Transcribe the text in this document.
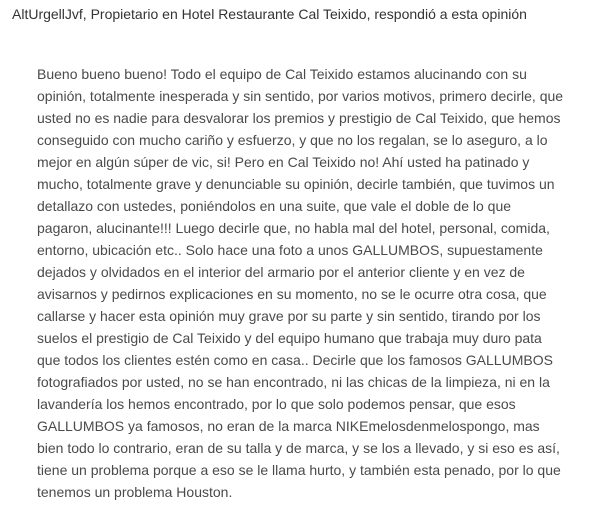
AltUrgellJvf, Propietario en Hotel Restaurante Cal Teixido, respondió a esta opinión

Bueno bueno bueno! Todo el equipo de Cal Teixido estamos alucinando con su opinión, totalmente inesperada y sin sentido, por varios motivos, primero decirle, que usted no es nadie para desvalorar los premios y prestigio de Cal Teixido, que hemos conseguido con mucho cariño y esfuerzo, y que no los regalan, se lo aseguro, a lo mejor en algún súper de vic, si! Pero en Cal Teixido no! Ahí usted ha patinado y mucho, totalmente grave y denunciable su opinión, decirle también, que tuvimos un detallazo con ustedes, poniéndolos en una suite, que vale el doble de lo que pagaron, alucinante!!! Luego decirle que, no habla mal del hotel, personal, comida, entorno, ubicación etc.. Solo hace una foto a unos GALLUMBOS, supuestamente dejados y olvidados en el interior del armario por el anterior cliente y en vez de avisarnos y pedirnos explicaciones en su momento, no se le ocurre otra cosa, que callarse y hacer esta opinión muy grave por su parte y sin sentido, tirando por los suelos el prestigio de Cal Teixido y del equipo humano que trabaja muy duro pata que todos los clientes estén como en casa.. Decirle que los famosos GALLUMBOS fotografiados por usted, no se han encontrado, ni las chicas de la limpieza, ni en la lavandería los hemos encontrado, por lo que solo podemos pensar, que esos GALLUMBOS ya famosos, no eran de la marca NIKEmelosdenmelospongo, mas bien todo lo contrario, eran de su talla y de marca, y se los a llevado, y si eso es así, tiene un problema porque a eso se le llama hurto, y también esta penado, por lo que tenemos un problema Houston.
